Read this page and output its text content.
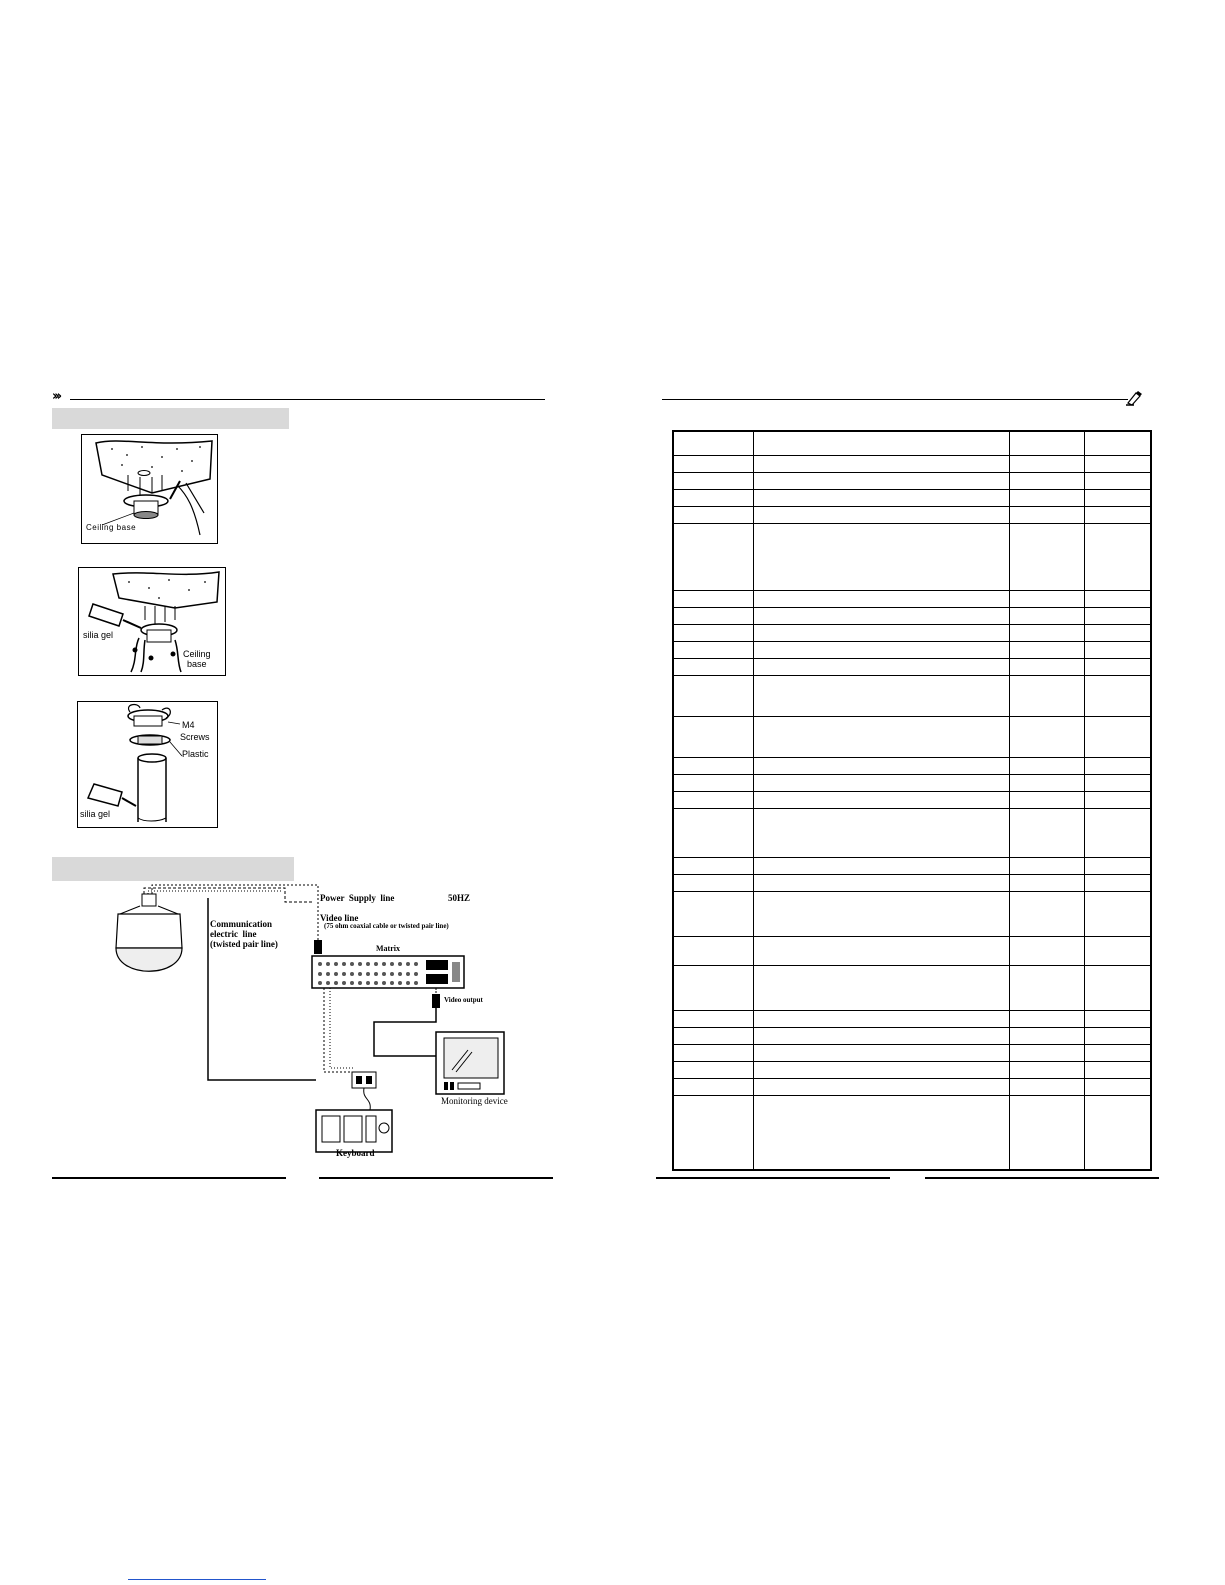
›››
Ceiling base
silia gel
Ceiling
base
M4
Screws
Plastic
silia gel
Power  Supply  line	50HZ
Video line
(75 ohm coaxial cable or twisted pair line)
Communication
electric  line
(twisted pair line)	Matrix
Video output
Monitoring device
Keyboard
